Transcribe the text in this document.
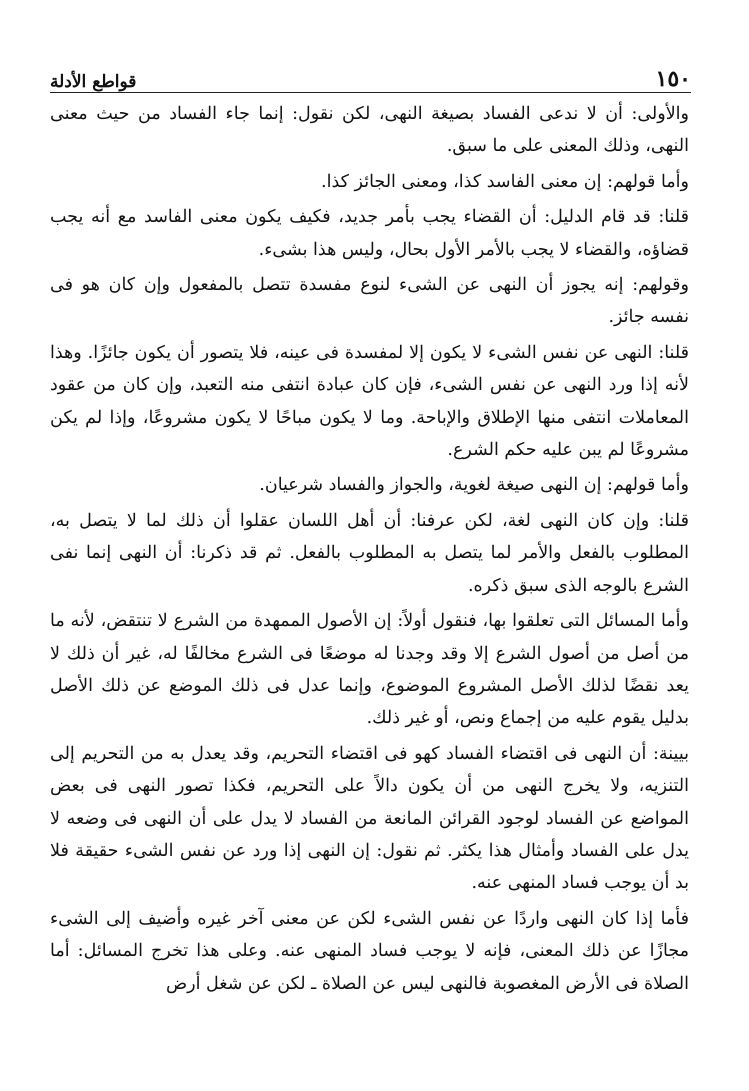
١٥٠
قواطع الأدلة

والأولى: أن لا ندعى الفساد بصيغة النهى، لكن نقول: إنما جاء الفساد من حيث معنى النهى، وذلك المعنى على ما سبق.

وأما قولهم: إن معنى الفاسد كذا، ومعنى الجائز كذا.

قلنا: قد قام الدليل: أن القضاء يجب بأمر جديد، فكيف يكون معنى الفاسد مع أنه يجب قضاؤه، والقضاء لا يجب بالأمر الأول بحال، وليس هذا بشىء.

وقولهم: إنه يجوز أن النهى عن الشىء لنوع مفسدة تتصل بالمفعول وإن كان هو فى نفسه جائز.

قلنا: النهى عن نفس الشىء لا يكون إلا لمفسدة فى عينه، فلا يتصور أن يكون جائزًا. وهذا لأنه إذا ورد النهى عن نفس الشىء، فإن كان عبادة انتفى منه التعبد، وإن كان من عقود المعاملات انتفى منها الإطلاق والإباحة. وما لا يكون مباحًا لا يكون مشروعًا، وإذا لم يكن مشروعًا لم يبن عليه حكم الشرع.

وأما قولهم: إن النهى صيغة لغوية، والجواز والفساد شرعيان.

قلنا: وإن كان النهى لغة، لكن عرفنا: أن أهل اللسان عقلوا أن ذلك لما لا يتصل به، المطلوب بالفعل والأمر لما يتصل به المطلوب بالفعل. ثم قد ذكرنا: أن النهى إنما نفى الشرع بالوجه الذى سبق ذكره.

وأما المسائل التى تعلقوا بها، فنقول أولاً: إن الأصول الممهدة من الشرع لا تنتقض، لأنه ما من أصل من أصول الشرع إلا وقد وجدنا له موضعًا فى الشرع مخالفًا له، غير أن ذلك لا يعد نقضًا لذلك الأصل المشروع الموضوع، وإنما عدل فى ذلك الموضع عن ذلك الأصل بدليل يقوم عليه من إجماع ونص، أو غير ذلك.

بيينة: أن النهى فى اقتضاء الفساد كهو فى اقتضاء التحريم، وقد يعدل به من التحريم إلى التنزيه، ولا يخرج النهى من أن يكون دالاً على التحريم، فكذا تصور النهى فى بعض المواضع عن الفساد لوجود القرائن المانعة من الفساد لا يدل على أن النهى فى وضعه لا يدل على الفساد وأمثال هذا يكثر. ثم نقول: إن النهى إذا ورد عن نفس الشىء حقيقة فلا بد أن يوجب فساد المنهى عنه.

فأما إذا كان النهى واردًا عن نفس الشىء لكن عن معنى آخر غيره وأضيف إلى الشىء مجازًا عن ذلك المعنى، فإنه لا يوجب فساد المنهى عنه. وعلى هذا تخرج المسائل: أما الصلاة فى الأرض المغصوبة فالنهى ليس عن الصلاة ـ لكن عن شغل أرض
